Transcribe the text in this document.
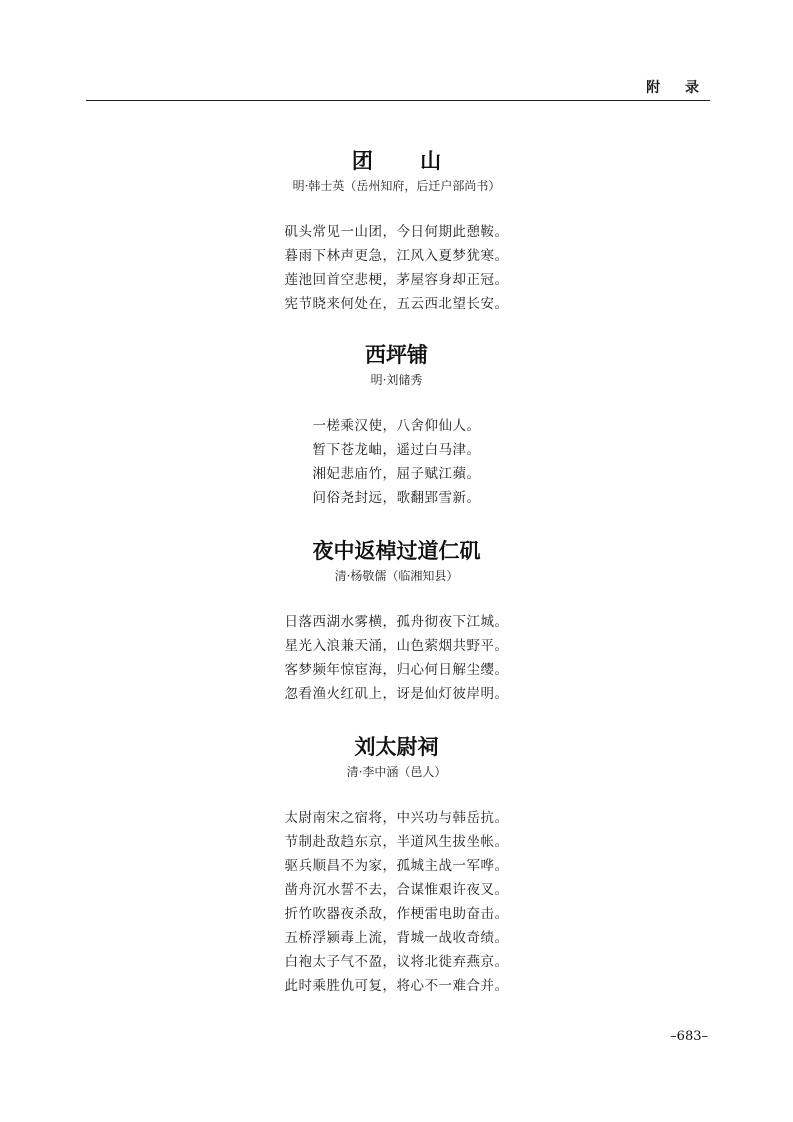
附 录
团 山
明·韩士英（岳州知府，后迁户部尚书）
矶头常见一山团，今日何期此憩鞍。
暮雨下林声更急，江风入夏梦犹寒。
莲池回首空悲梗，茅屋容身却正冠。
宪节晓来何处在，五云西北望长安。
西坪铺
明·刘储秀
一槎乘汉使，八舍仰仙人。
暂下苍龙岫，遥过白马津。
湘妃悲庙竹，屈子赋江蘋。
问俗尧封远，歌翻郢雪新。
夜中返棹过道仁矶
清·杨敬儒（临湘知县）
日落西湖水雾横，孤舟彻夜下江城。
星光入浪兼天涌，山色萦烟共野平。
客梦频年惊宦海，归心何日解尘缨。
忽看渔火红矶上，讶是仙灯彼岸明。
刘太尉祠
清·李中涵（邑人）
太尉南宋之宿将，中兴功与韩岳抗。
节制赴敌趋东京，半道风生拔坐帐。
驱兵顺昌不为家，孤城主战一军哗。
凿舟沉水誓不去，合谋惟艰许夜叉。
折竹吹器夜杀敌，作梗雷电助奋击。
五桥浮颍毒上流，背城一战收奇绩。
白袍太子气不盈，议将北徙弃燕京。
此时乘胜仇可复，将心不一难合并。
–683–
